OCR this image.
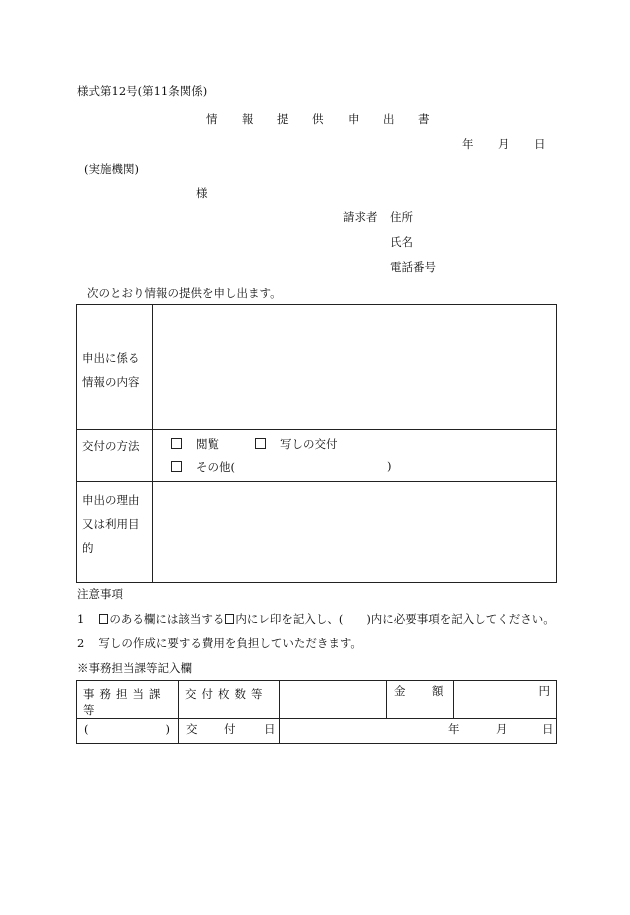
様式第12号(第11条関係)
情 報 提 供 申 出 書
年 月 日
(実施機関)
様
請求者 住所
氏名
電話番号
次のとおり情報の提供を申し出ます。
申出に係る
情報の内容	

交付の方法	閲覧 写しの交付
その他( )

申出の理由
又は利用目
的	

注意事項
1 のある欄には該当する 内にレ印を記入し、(　　)内に必要事項を記入してください。
2 写しの作成に要する費用を負担していただきます。
※事務担当課等記入欄
事務担当課等	交付枚数等		金 額	円

( )	交 付 日	年 月 日		
